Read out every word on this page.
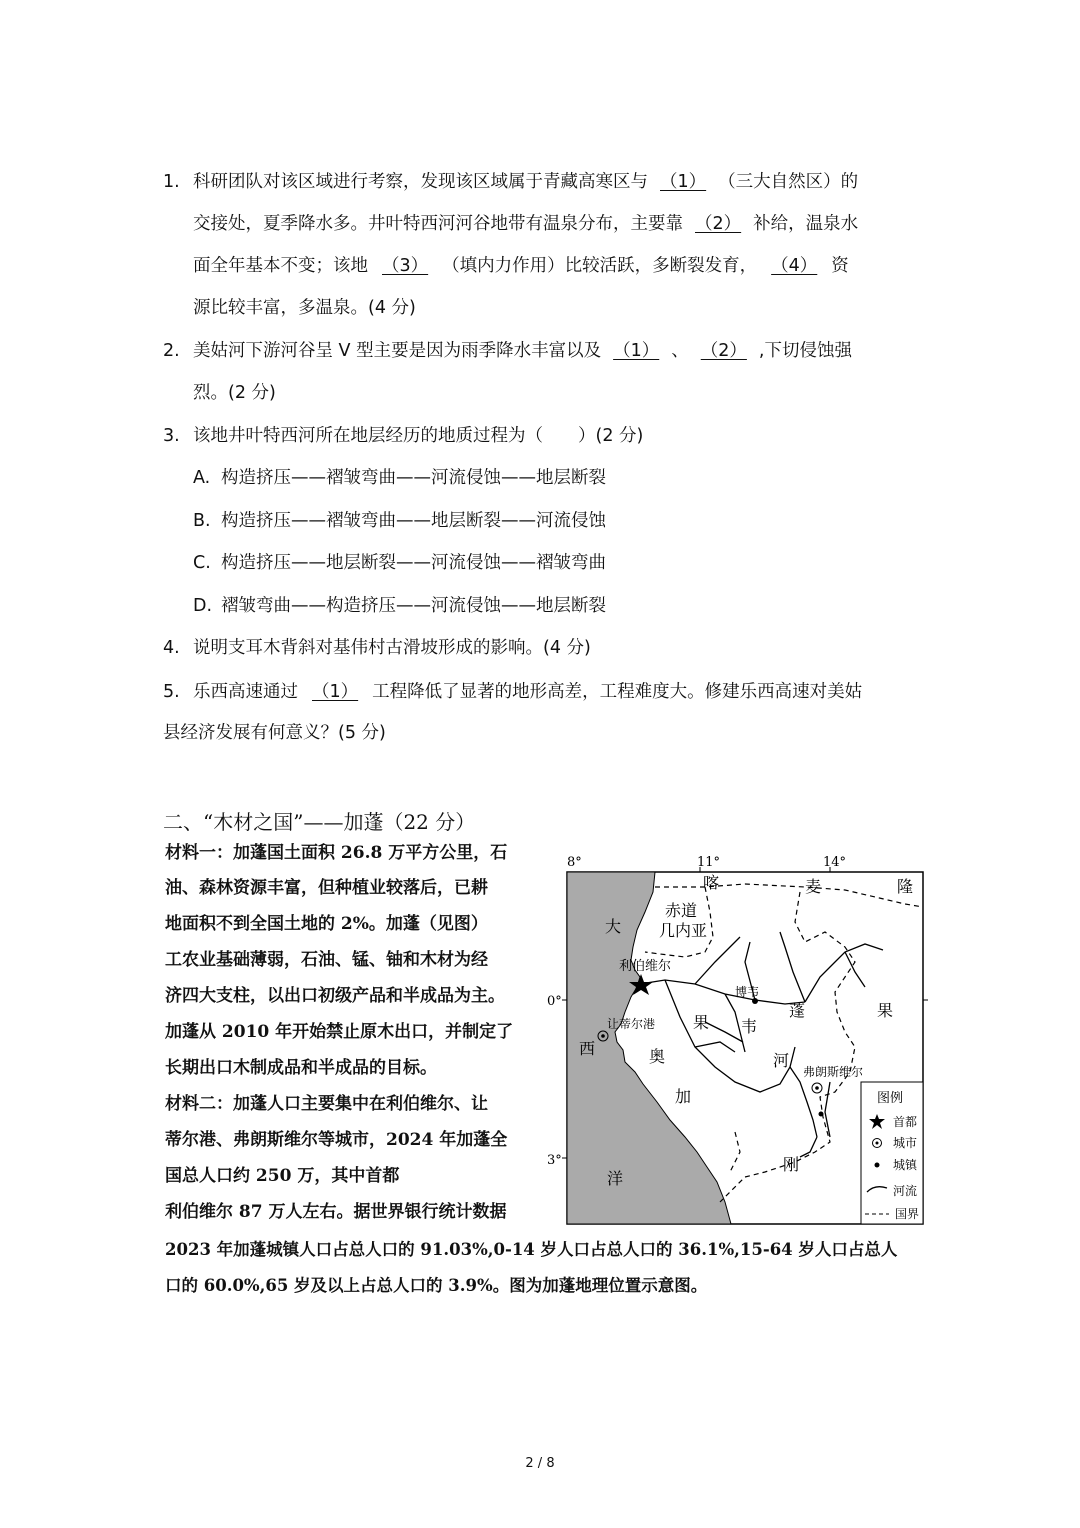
1. 科研团队对该区域进行考察，发现该区域属于青藏高寒区与 （1） （三大自然区）的
交接处，夏季降水多。井叶特西河河谷地带有温泉分布，主要靠 （2） 补给，温泉水
面全年基本不变；该地 （3） （填内力作用）比较活跃，多断裂发育， （4） 资
源比较丰富，多温泉。(4 分)
2. 美姑河下游河谷呈 V 型主要是因为雨季降水丰富以及 （1） 、 （2） ,下切侵蚀强
烈。(2 分)
3. 该地井叶特西河所在地层经历的地质过程为（　　）(2 分)
A. 构造挤压——褶皱弯曲——河流侵蚀——地层断裂
B. 构造挤压——褶皱弯曲——地层断裂——河流侵蚀
C. 构造挤压——地层断裂——河流侵蚀——褶皱弯曲
D. 褶皱弯曲——构造挤压——河流侵蚀——地层断裂
4. 说明支耳木背斜对基伟村古滑坡形成的影响。(4 分)
5. 乐西高速通过 （1） 工程降低了显著的地形高差，工程难度大。修建乐西高速对美姑
县经济发展有何意义？(5 分)
二、“木材之国”——加蓬（22 分）
材料一：加蓬国土面积 26.8 万平方公里，石
油、森林资源丰富，但种植业较落后，已耕
地面积不到全国土地的 2%。加蓬（见图）
工农业基础薄弱，石油、锰、铀和木材为经
济四大支柱，以出口初级产品和半成品为主。
加蓬从 2010 年开始禁止原木出口，并制定了
长期出口木制成品和半成品的目标。
材料二：加蓬人口主要集中在利伯维尔、让
蒂尔港、弗朗斯维尔等城市，2024 年加蓬全
国总人口约 250 万，其中首都
利伯维尔 87 万人左右。据世界银行统计数据
2023 年加蓬城镇人口占总人口的 91.03%,0-14 岁人口占总人口的 36.1%,15-64 岁人口占总人
口的 60.0%,65 岁及以上占总人口的 3.9%。图为加蓬地理位置示意图。
8°	11°	14°
0°
3°
利伯维尔
让蒂尔港
弗朗斯维尔
博韦
喀	麦	隆
赤道
几内亚
大
西
洋
奥
果 韦
河
加
蓬
刚
果
图例
首都
城市
城镇
河流
国界
2 / 8
